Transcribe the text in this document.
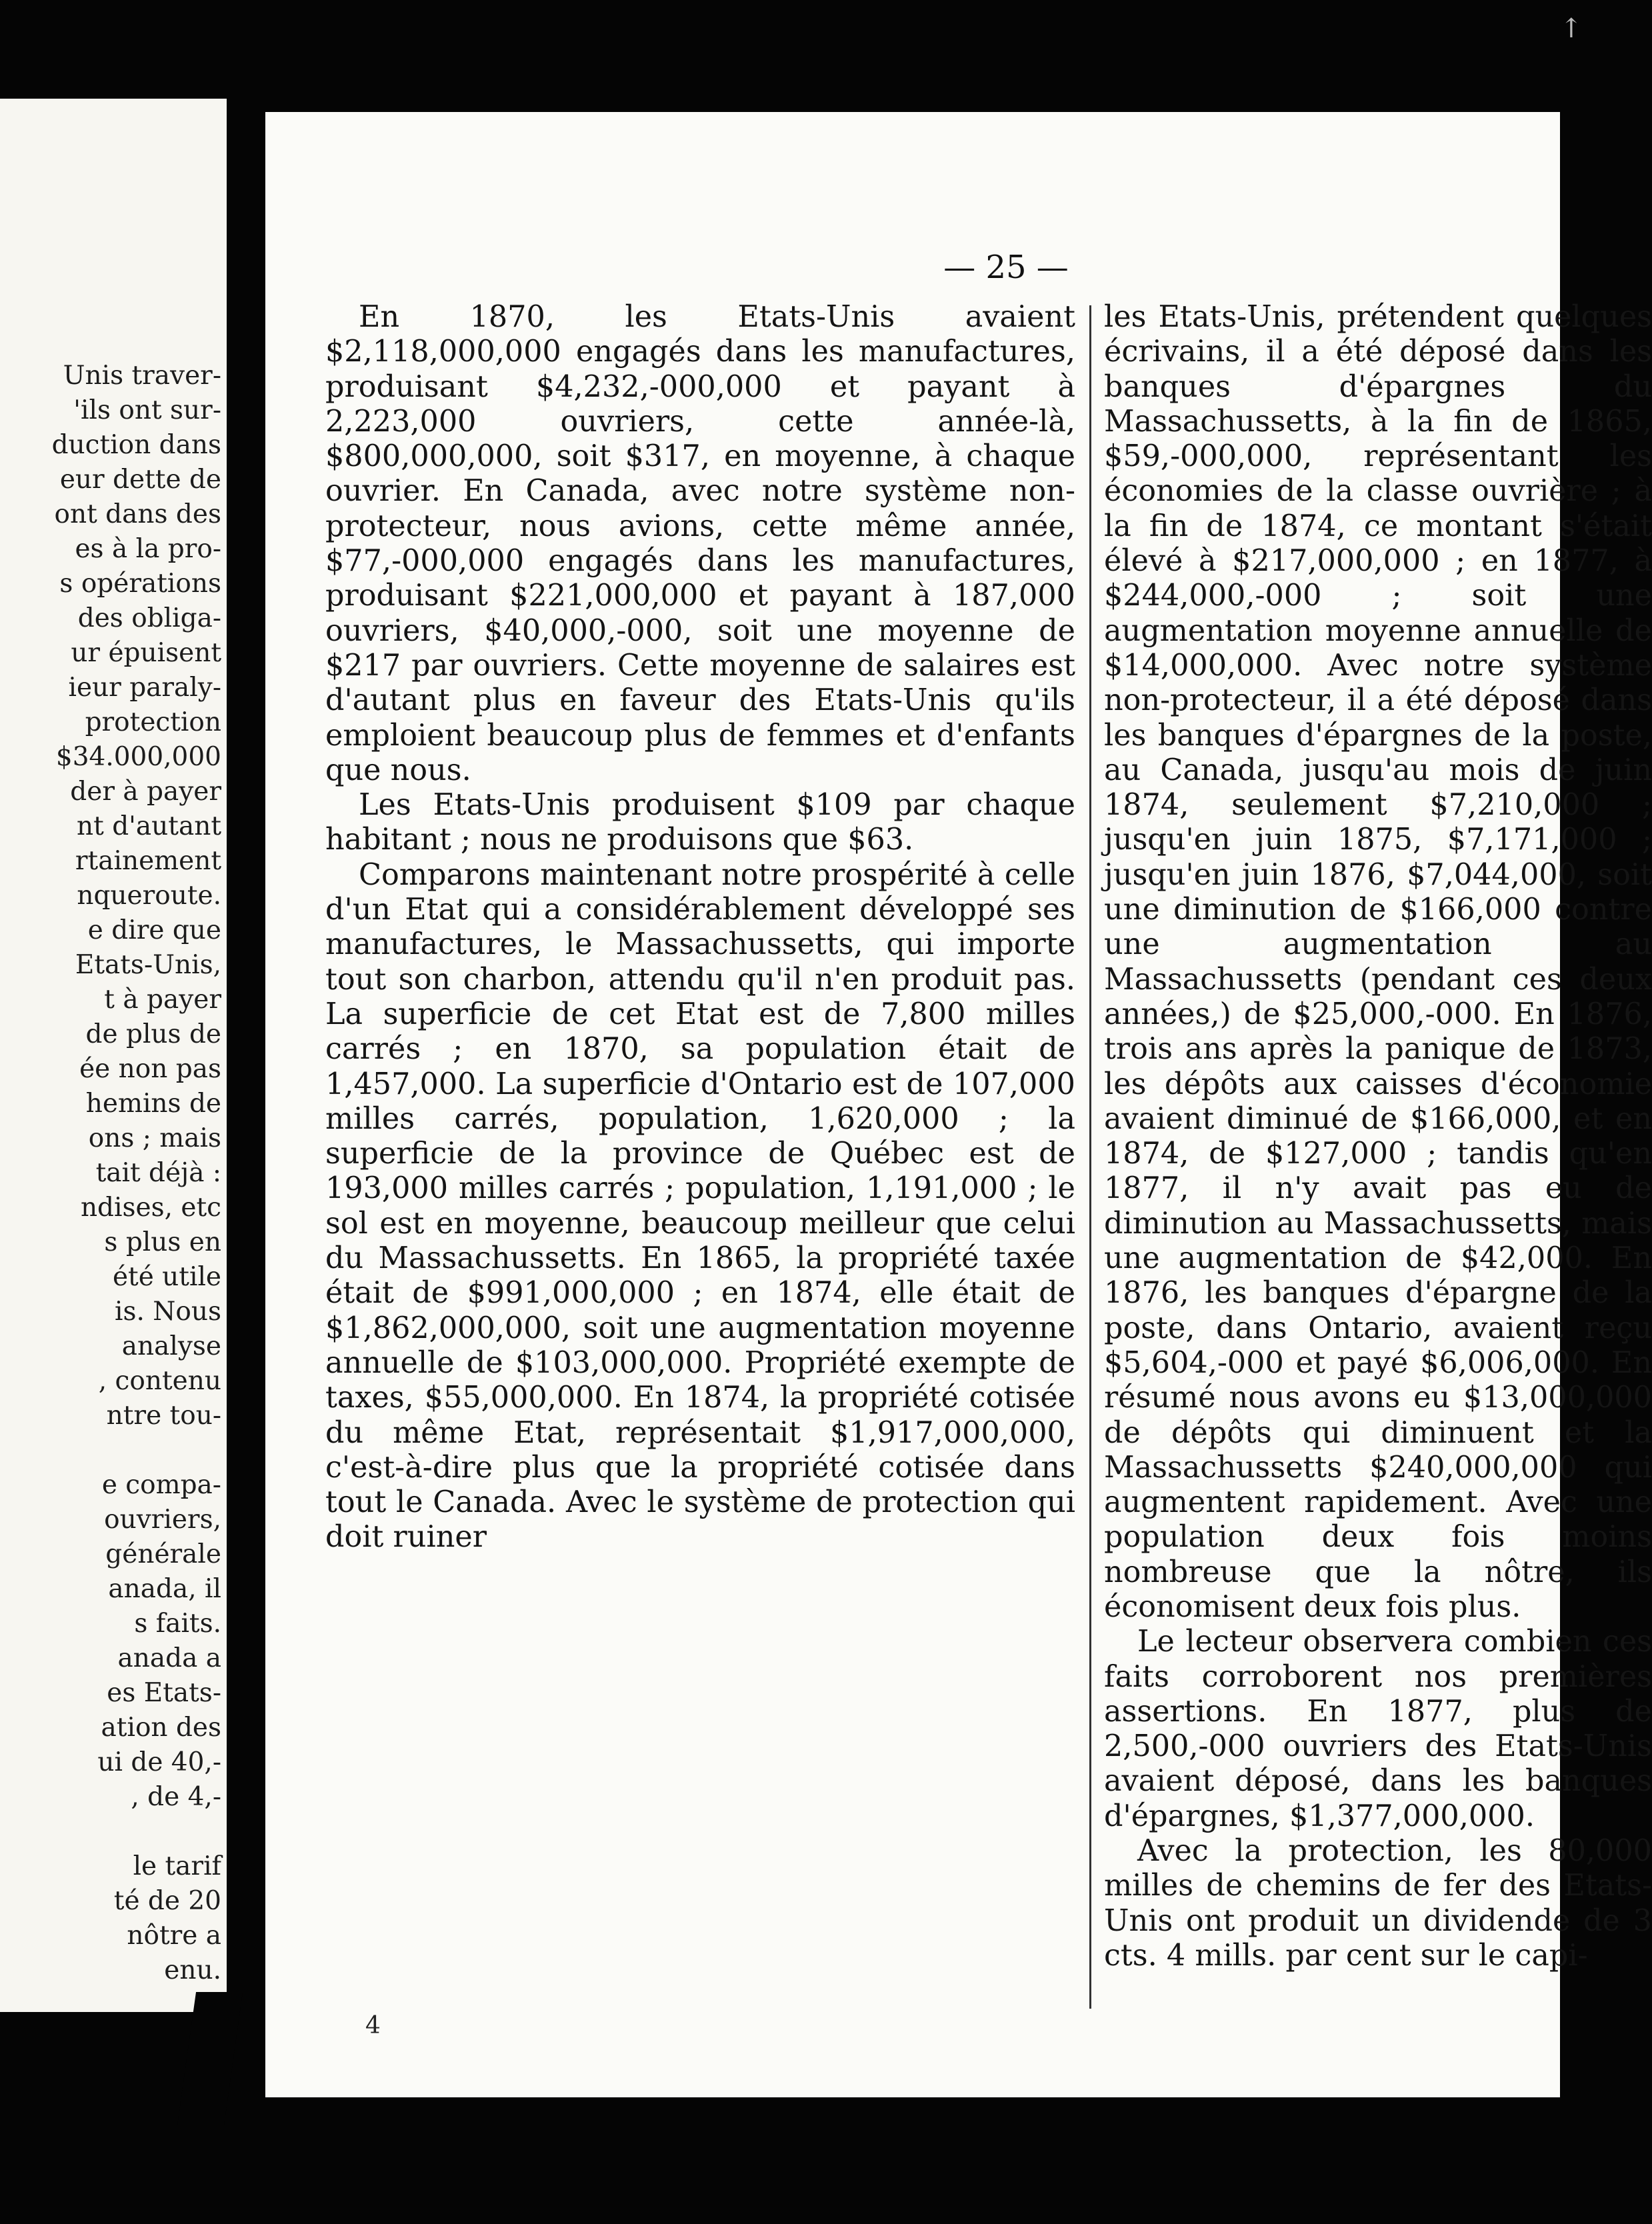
Unis traver-
'ils ont sur-
duction dans
eur dette de
ont dans des
es à la pro-
s opérations
des obliga-
ur épuisent
ieur paraly-
protection
$34.000,000
der à payer
nt d'autant
rtainement
nqueroute.
e dire que
Etats-Unis,
t à payer
de plus de
ée non pas
hemins de
ons ; mais
tait déjà :
ndises, etc
s plus en
été utile
is. Nous
analyse
, contenu
ntre tou-
e compa-
ouvriers,
générale
anada, il
s faits.
anada a
es Etats-
ation des
ui de 40,-
, de 4,-
le tarif
té de 20
nôtre a
enu.
↑
— 25 —

En 1870, les Etats-Unis avaient $2,118,000,000 engagés dans les manufactures, produisant $4,232,-000,000 et payant à 2,223,000 ouvriers, cette année-là, $800,000,000, soit $317, en moyenne, à chaque ouvrier. En Canada, avec notre système non-protecteur, nous avions, cette même année, $77,-000,000 engagés dans les manufactures, produisant $221,000,000 et payant à 187,000 ouvriers, $40,000,-000, soit une moyenne de $217 par ouvriers. Cette moyenne de salaires est d'autant plus en faveur des Etats-Unis qu'ils emploient beaucoup plus de femmes et d'enfants que nous.

Les Etats-Unis produisent $109 par chaque habitant ; nous ne produisons que $63.

Comparons maintenant notre prospérité à celle d'un Etat qui a considérablement développé ses manufactures, le Massachussetts, qui importe tout son charbon, attendu qu'il n'en produit pas. La superficie de cet Etat est de 7,800 milles carrés ; en 1870, sa population était de 1,457,000. La superficie d'Ontario est de 107,000 milles carrés, population, 1,620,000 ; la superficie de la province de Québec est de 193,000 milles carrés ; population, 1,191,000 ; le sol est en moyenne, beaucoup meilleur que celui du Massachussetts. En 1865, la propriété taxée était de $991,000,000 ; en 1874, elle était de $1,862,000,000, soit une augmentation moyenne annuelle de $103,000,000. Propriété exempte de taxes, $55,000,000. En 1874, la propriété cotisée du même Etat, représentait $1,917,000,000, c'est-à-dire plus que la propriété cotisée dans tout le Canada. Avec le système de protection qui doit ruiner

les Etats-Unis, prétendent quelques écrivains, il a été déposé dans les banques d'épargnes du Massachussetts, à la fin de 1865, $59,-000,000, représentant les économies de la classe ouvrière ; à la fin de 1874, ce montant s'était élevé à $217,000,000 ; en 1877, à $244,000,-000 ; soit une augmentation moyenne annuelle de $14,000,000. Avec notre système non-protecteur, il a été déposé dans les banques d'épargnes de la poste, au Canada, jusqu'au mois de juin 1874, seulement $7,210,000 ; jusqu'en juin 1875, $7,171,000 ; jusqu'en juin 1876, $7,044,000, soit une diminution de $166,000 contre une augmentation au Massachussetts (pendant ces deux années,) de $25,000,-000. En 1876, trois ans après la panique de 1873, les dépôts aux caisses d'économie avaient diminué de $166,000, et en 1874, de $127,000 ; tandis qu'en 1877, il n'y avait pas eu de diminution au Massachussetts, mais une augmentation de $42,000. En 1876, les banques d'épargne de la poste, dans Ontario, avaient reçu $5,604,-000 et payé $6,006,000. En résumé nous avons eu $13,000,000 de dépôts qui diminuent et la Massachussetts $240,000,000 qui augmentent rapidement. Avec une population deux fois moins nombreuse que la nôtre, ils économisent deux fois plus.

Le lecteur observera combien ces faits corroborent nos premières assertions. En 1877, plus de 2,500,-000 ouvriers des Etats-Unis avaient déposé, dans les banques d'épargnes, $1,377,000,000.

Avec la protection, les 80,000 milles de chemins de fer des Etats-Unis ont produit un dividende de 3 cts. 4 mills. par cent sur le capi-

4
